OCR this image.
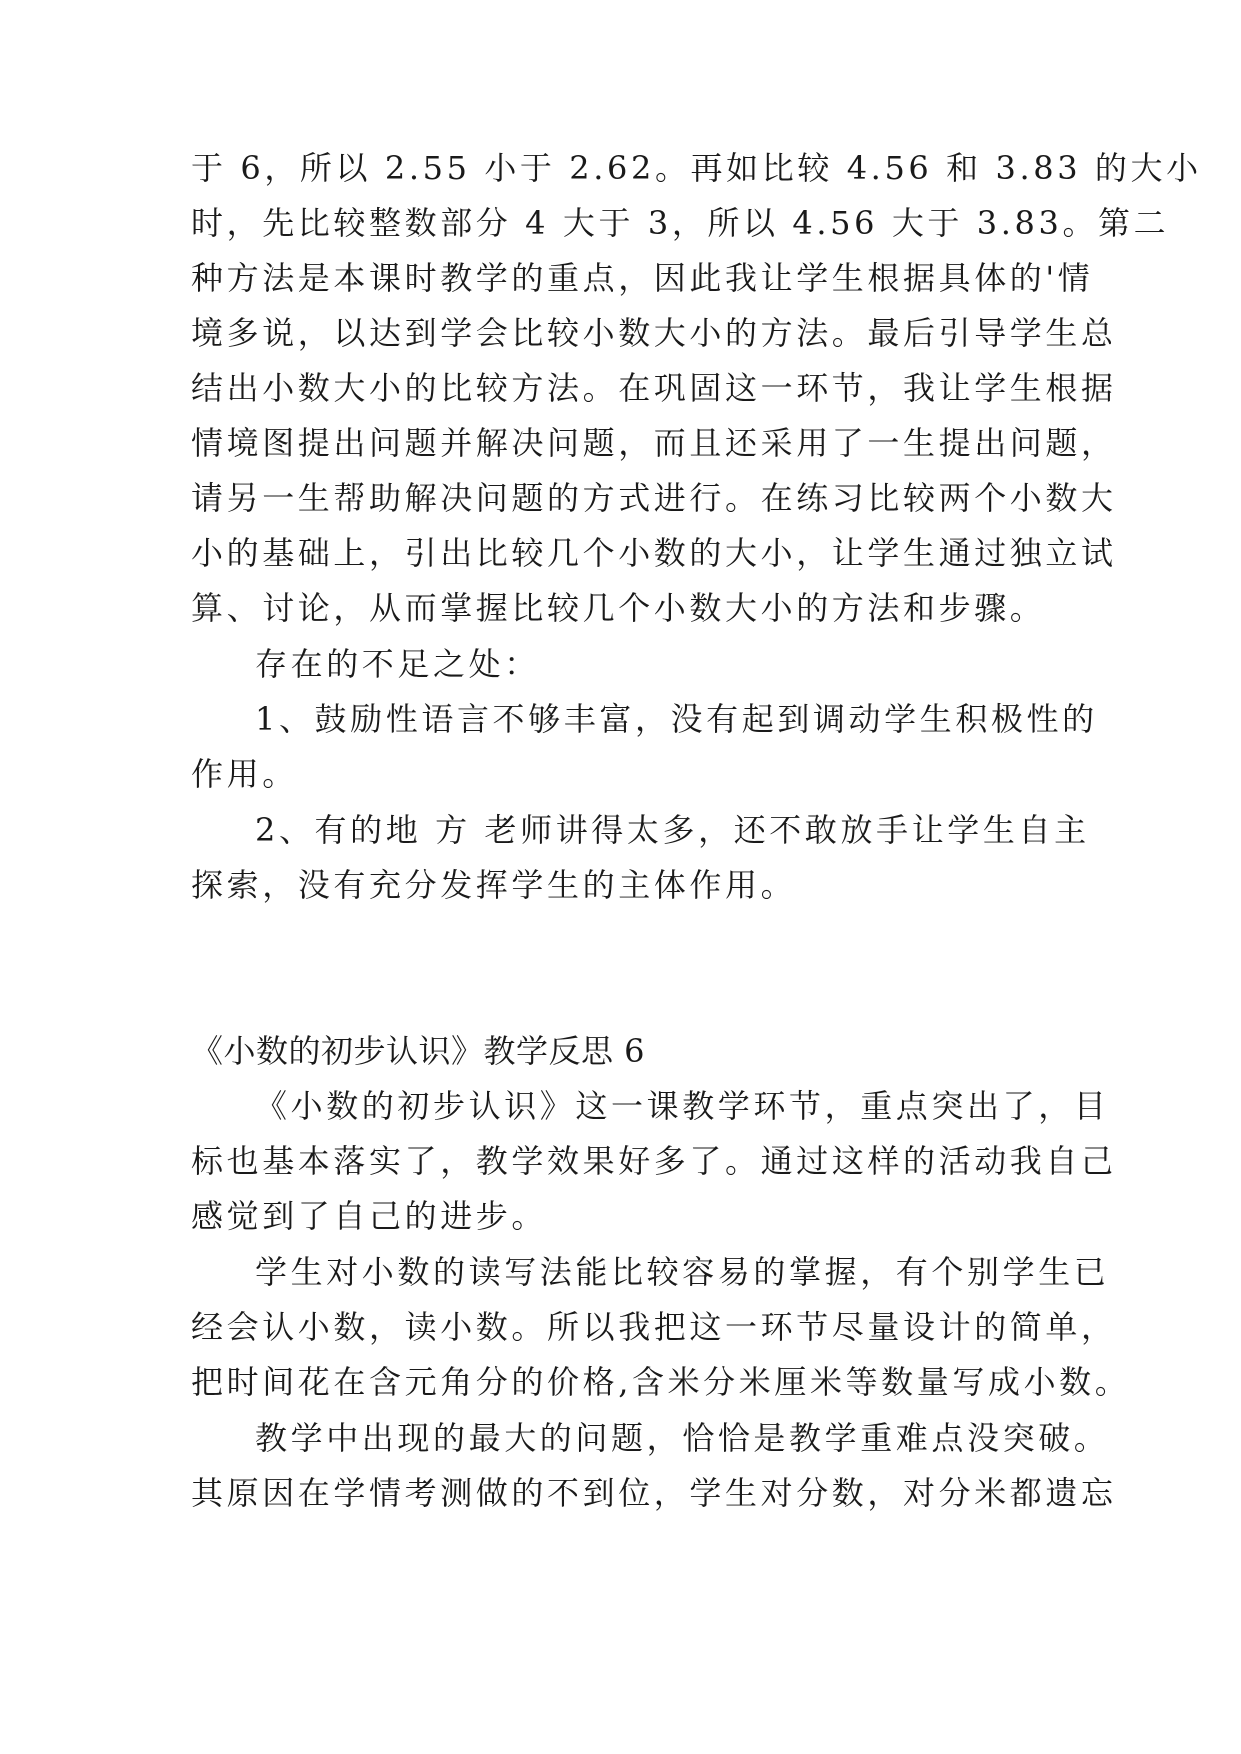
于 6，所以 2.55 小于 2.62。再如比较 4.56 和 3.83 的大小
时，先比较整数部分 4 大于 3，所以 4.56 大于 3.83。第二
种方法是本课时教学的重点，因此我让学生根据具体的'情
境多说，以达到学会比较小数大小的方法。最后引导学生总
结出小数大小的比较方法。在巩固这一环节，我让学生根据
情境图提出问题并解决问题，而且还采用了一生提出问题，
请另一生帮助解决问题的方式进行。在练习比较两个小数大
小的基础上，引出比较几个小数的大小，让学生通过独立试
算、讨论，从而掌握比较几个小数大小的方法和步骤。
存在的不足之处：
1、鼓励性语言不够丰富，没有起到调动学生积极性的
作用。
2、有的地 方 老师讲得太多，还不敢放手让学生自主
探索，没有充分发挥学生的主体作用。
《小数的初步认识》教学反思 6
《小数的初步认识》这一课教学环节，重点突出了，目
标也基本落实了，教学效果好多了。通过这样的活动我自己
感觉到了自己的进步。
学生对小数的读写法能比较容易的掌握，有个别学生已
经会认小数，读小数。所以我把这一环节尽量设计的简单，
把时间花在含元角分的价格,含米分米厘米等数量写成小数。
教学中出现的最大的问题，恰恰是教学重难点没突破。
其原因在学情考测做的不到位，学生对分数，对分米都遗忘
